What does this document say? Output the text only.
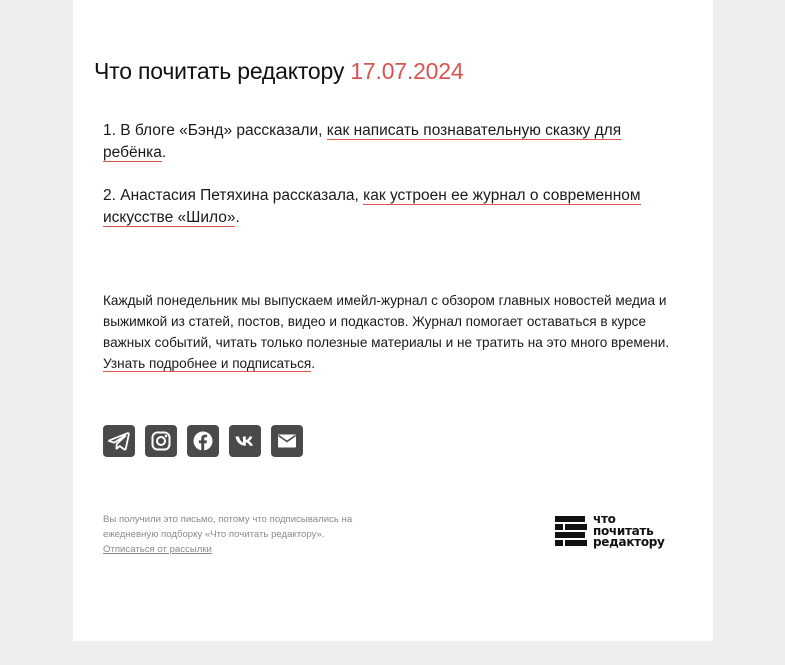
Что почитать редактору 17.07.2024

1. В блоге «Бэнд» рассказали, как написать познавательную сказку для ребёнка.

2. Анастасия Петяхина рассказала, как устроен ее журнал о современном искусстве «Шило».

Каждый понедельник мы выпускаем имейл-журнал с обзором главных новостей медиа и выжимкой из статей, постов, видео и подкастов. Журнал помогает оставаться в курсе важных событий, читать только полезные материалы и не тратить на это много времени. Узнать подробнее и подписаться.

Вы получили это письмо, потому что подписывались на ежедневную подборку «Что почитать редактору».
Отписаться от рассылки

что
почитать
редактору
